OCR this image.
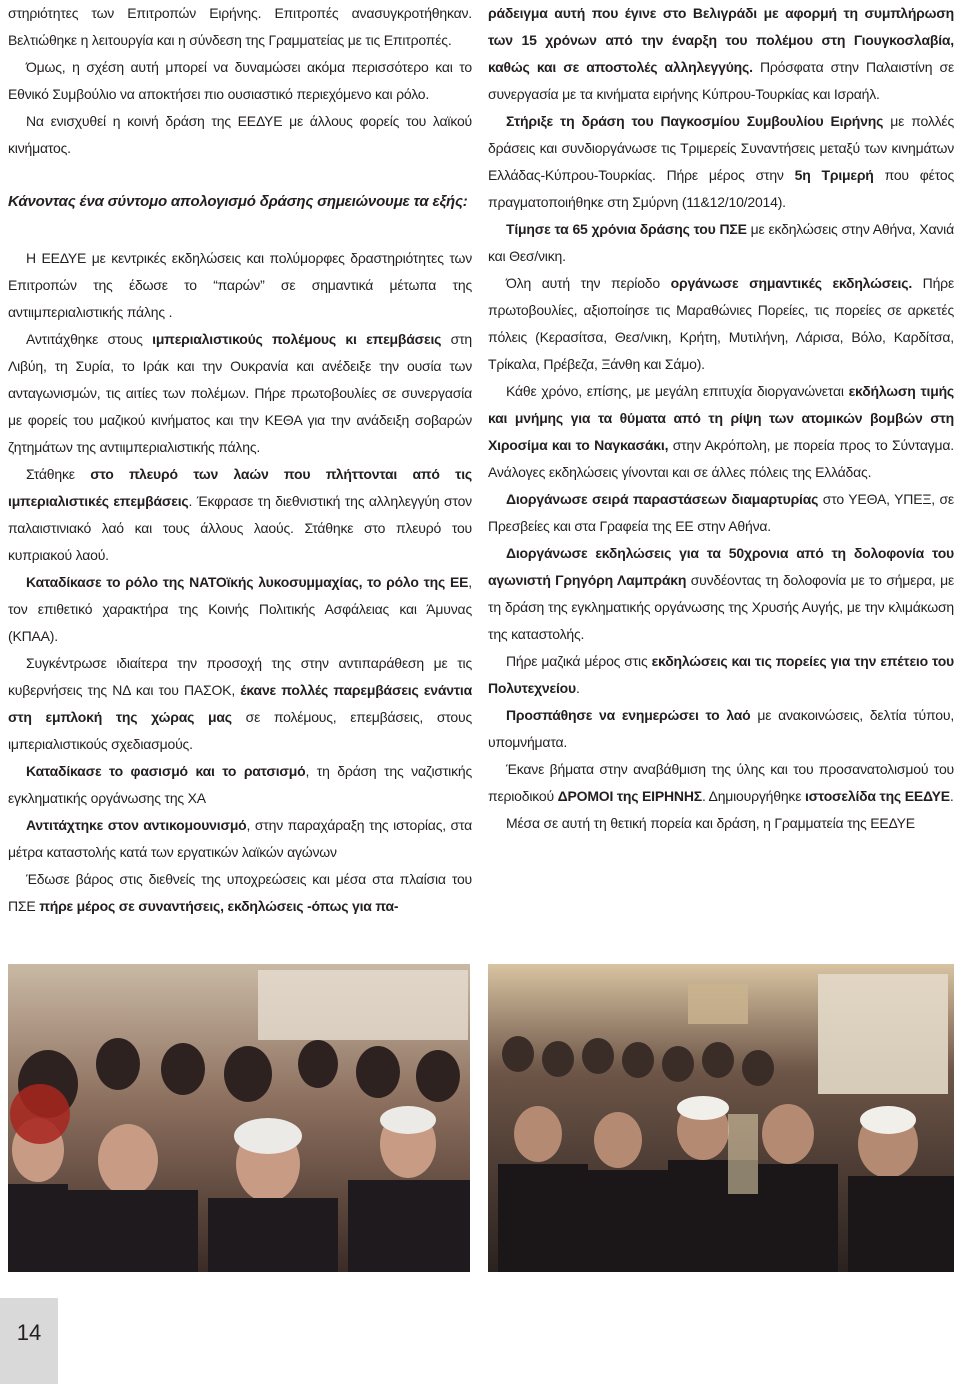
στηριότητες των Επιτροπών Ειρήνης. Επιτροπές ανασυγκροτήθηκαν. Βελτιώθηκε η λειτουργία και η σύνδεση της Γραμματείας με τις Επιτροπές.

Όμως, η σχέση αυτή μπορεί να δυναμώσει ακόμα περισσότερο και το Εθνικό Συμβούλιο να αποκτήσει πιο ουσιαστικό περιεχόμενο και ρόλο.

Να ενισχυθεί η κοινή δράση της ΕΕΔΥΕ με άλλους φορείς του λαϊκού κινήματος.

Κάνοντας ένα σύντομο απολογισμό δράσης σημειώνουμε τα εξής:

Η ΕΕΔΥΕ με κεντρικές εκδηλώσεις και πολύμορφες δραστηριότητες των Επιτροπών της έδωσε το “παρών” σε σημαντικά μέτωπα της αντιιμπεριαλιστικής πάλης .

Αντιτάχθηκε στους ιμπεριαλιστικούς πολέμους κι επεμβάσεις στη Λιβύη, τη Συρία, το Ιράκ και την Ουκρανία και ανέδειξε την ουσία των ανταγωνισμών, τις αιτίες των πολέμων. Πήρε πρωτοβουλίες σε συνεργασία με φορείς του μαζικού κινήματος και την ΚΕΘΑ για την ανάδειξη σοβαρών ζητημάτων της αντιιμπεριαλιστικής πάλης.

Στάθηκε στο πλευρό των λαών που πλήττονται από τις ιμπεριαλιστικές επεμβάσεις. Έκφρασε τη διεθνιστική της αλληλεγγύη στον παλαιστινιακό λαό και τους άλλους λαούς. Στάθηκε στο πλευρό του κυπριακού λαού.

Καταδίκασε το ρόλο της ΝΑΤΟϊκής λυκοσυμμαχίας, το ρόλο της ΕΕ, τον επιθετικό χαρακτήρα της Κοινής Πολιτικής Ασφάλειας και Άμυνας (ΚΠΑΑ).

Συγκέντρωσε ιδιαίτερα την προσοχή της στην αντιπαράθεση με τις κυβερνήσεις της ΝΔ και του ΠΑΣΟΚ, έκανε πολλές παρεμβάσεις ενάντια στη εμπλοκή της χώρας μας σε πολέμους, επεμβάσεις, στους ιμπεριαλιστικούς σχεδιασμούς.

Καταδίκασε το φασισμό και το ρατσισμό, τη δράση της ναζιστικής εγκληματικής οργάνωσης της ΧΑ

Αντιτάχτηκε στον αντικομουνισμό, στην παραχάραξη της ιστορίας, στα μέτρα καταστολής κατά των εργατικών λαϊκών αγώνων

Έδωσε βάρος στις διεθνείς της υποχρεώσεις και μέσα στα πλαίσια του ΠΣΕ πήρε μέρος σε συναντήσεις, εκδηλώσεις -όπως για πα-

ράδειγμα αυτή που έγινε στο Βελιγράδι με αφορμή τη συμπλήρωση των 15 χρόνων από την έναρξη του πολέμου στη Γιουγκοσλαβία, καθώς και σε αποστολές αλληλεγγύης. Πρόσφατα στην Παλαιστίνη σε συνεργασία με τα κινήματα ειρήνης Κύπρου-Τουρκίας και Ισραήλ.

Στήριξε τη δράση του Παγκοσμίου Συμβουλίου Ειρήνης με πολλές δράσεις και συνδιοργάνωσε τις Τριμερείς Συναντήσεις μεταξύ των κινημάτων Ελλάδας-Κύπρου-Τουρκίας. Πήρε μέρος στην 5η Τριμερή που φέτος πραγματοποιήθηκε στη Σμύρνη (11&12/10/2014).

Τίμησε τα 65 χρόνια δράσης του ΠΣΕ με εκδηλώσεις στην Αθήνα, Χανιά και Θεσ/νικη.

Όλη αυτή την περίοδο οργάνωσε σημαντικές εκδηλώσεις. Πήρε πρωτοβουλίες, αξιοποίησε τις Μαραθώνιες Πορείες, τις πορείες σε αρκετές πόλεις (Κερασίτσα, Θεσ/νικη, Κρήτη, Μυτιλήνη, Λάρισα, Βόλο, Καρδίτσα, Τρίκαλα, Πρέβεζα, Ξάνθη και Σάμο).

Κάθε χρόνο, επίσης, με μεγάλη επιτυχία διοργανώνεται εκδήλωση τιμής και μνήμης για τα θύματα από τη ρίψη των ατομικών βομβών στη Χιροσίμα και το Ναγκασάκι, στην Ακρόπολη, με πορεία προς το Σύνταγμα. Ανάλογες εκδηλώσεις γίνονται και σε άλλες πόλεις της Ελλάδας.

Διοργάνωσε σειρά παραστάσεων διαμαρτυρίας στο ΥΕΘΑ, ΥΠΕΞ, σε Πρεσβείες και στα Γραφεία της ΕΕ στην Αθήνα.

Διοργάνωσε εκδηλώσεις για τα 50χρονια από τη δολοφονία του αγωνιστή Γρηγόρη Λαμπράκη συνδέοντας τη δολοφονία με το σήμερα, με τη δράση της εγκληματικής οργάνωσης της Χρυσής Αυγής, με την κλιμάκωση της καταστολής.

Πήρε μαζικά μέρος στις εκδηλώσεις και τις πορείες για την επέτειο του Πολυτεχνείου.

Προσπάθησε να ενημερώσει το λαό με ανακοινώσεις, δελτία τύπου, υπομνήματα.

Έκανε βήματα στην αναβάθμιση της ύλης και του προσανατολισμού του περιοδικού ΔΡΟΜΟΙ της ΕΙΡΗΝΗΣ. Δημιουργήθηκε ιστοσελίδα της ΕΕΔΥΕ.

Μέσα σε αυτή τη θετική πορεία και δράση, η Γραμματεία της ΕΕΔΥΕ

14
